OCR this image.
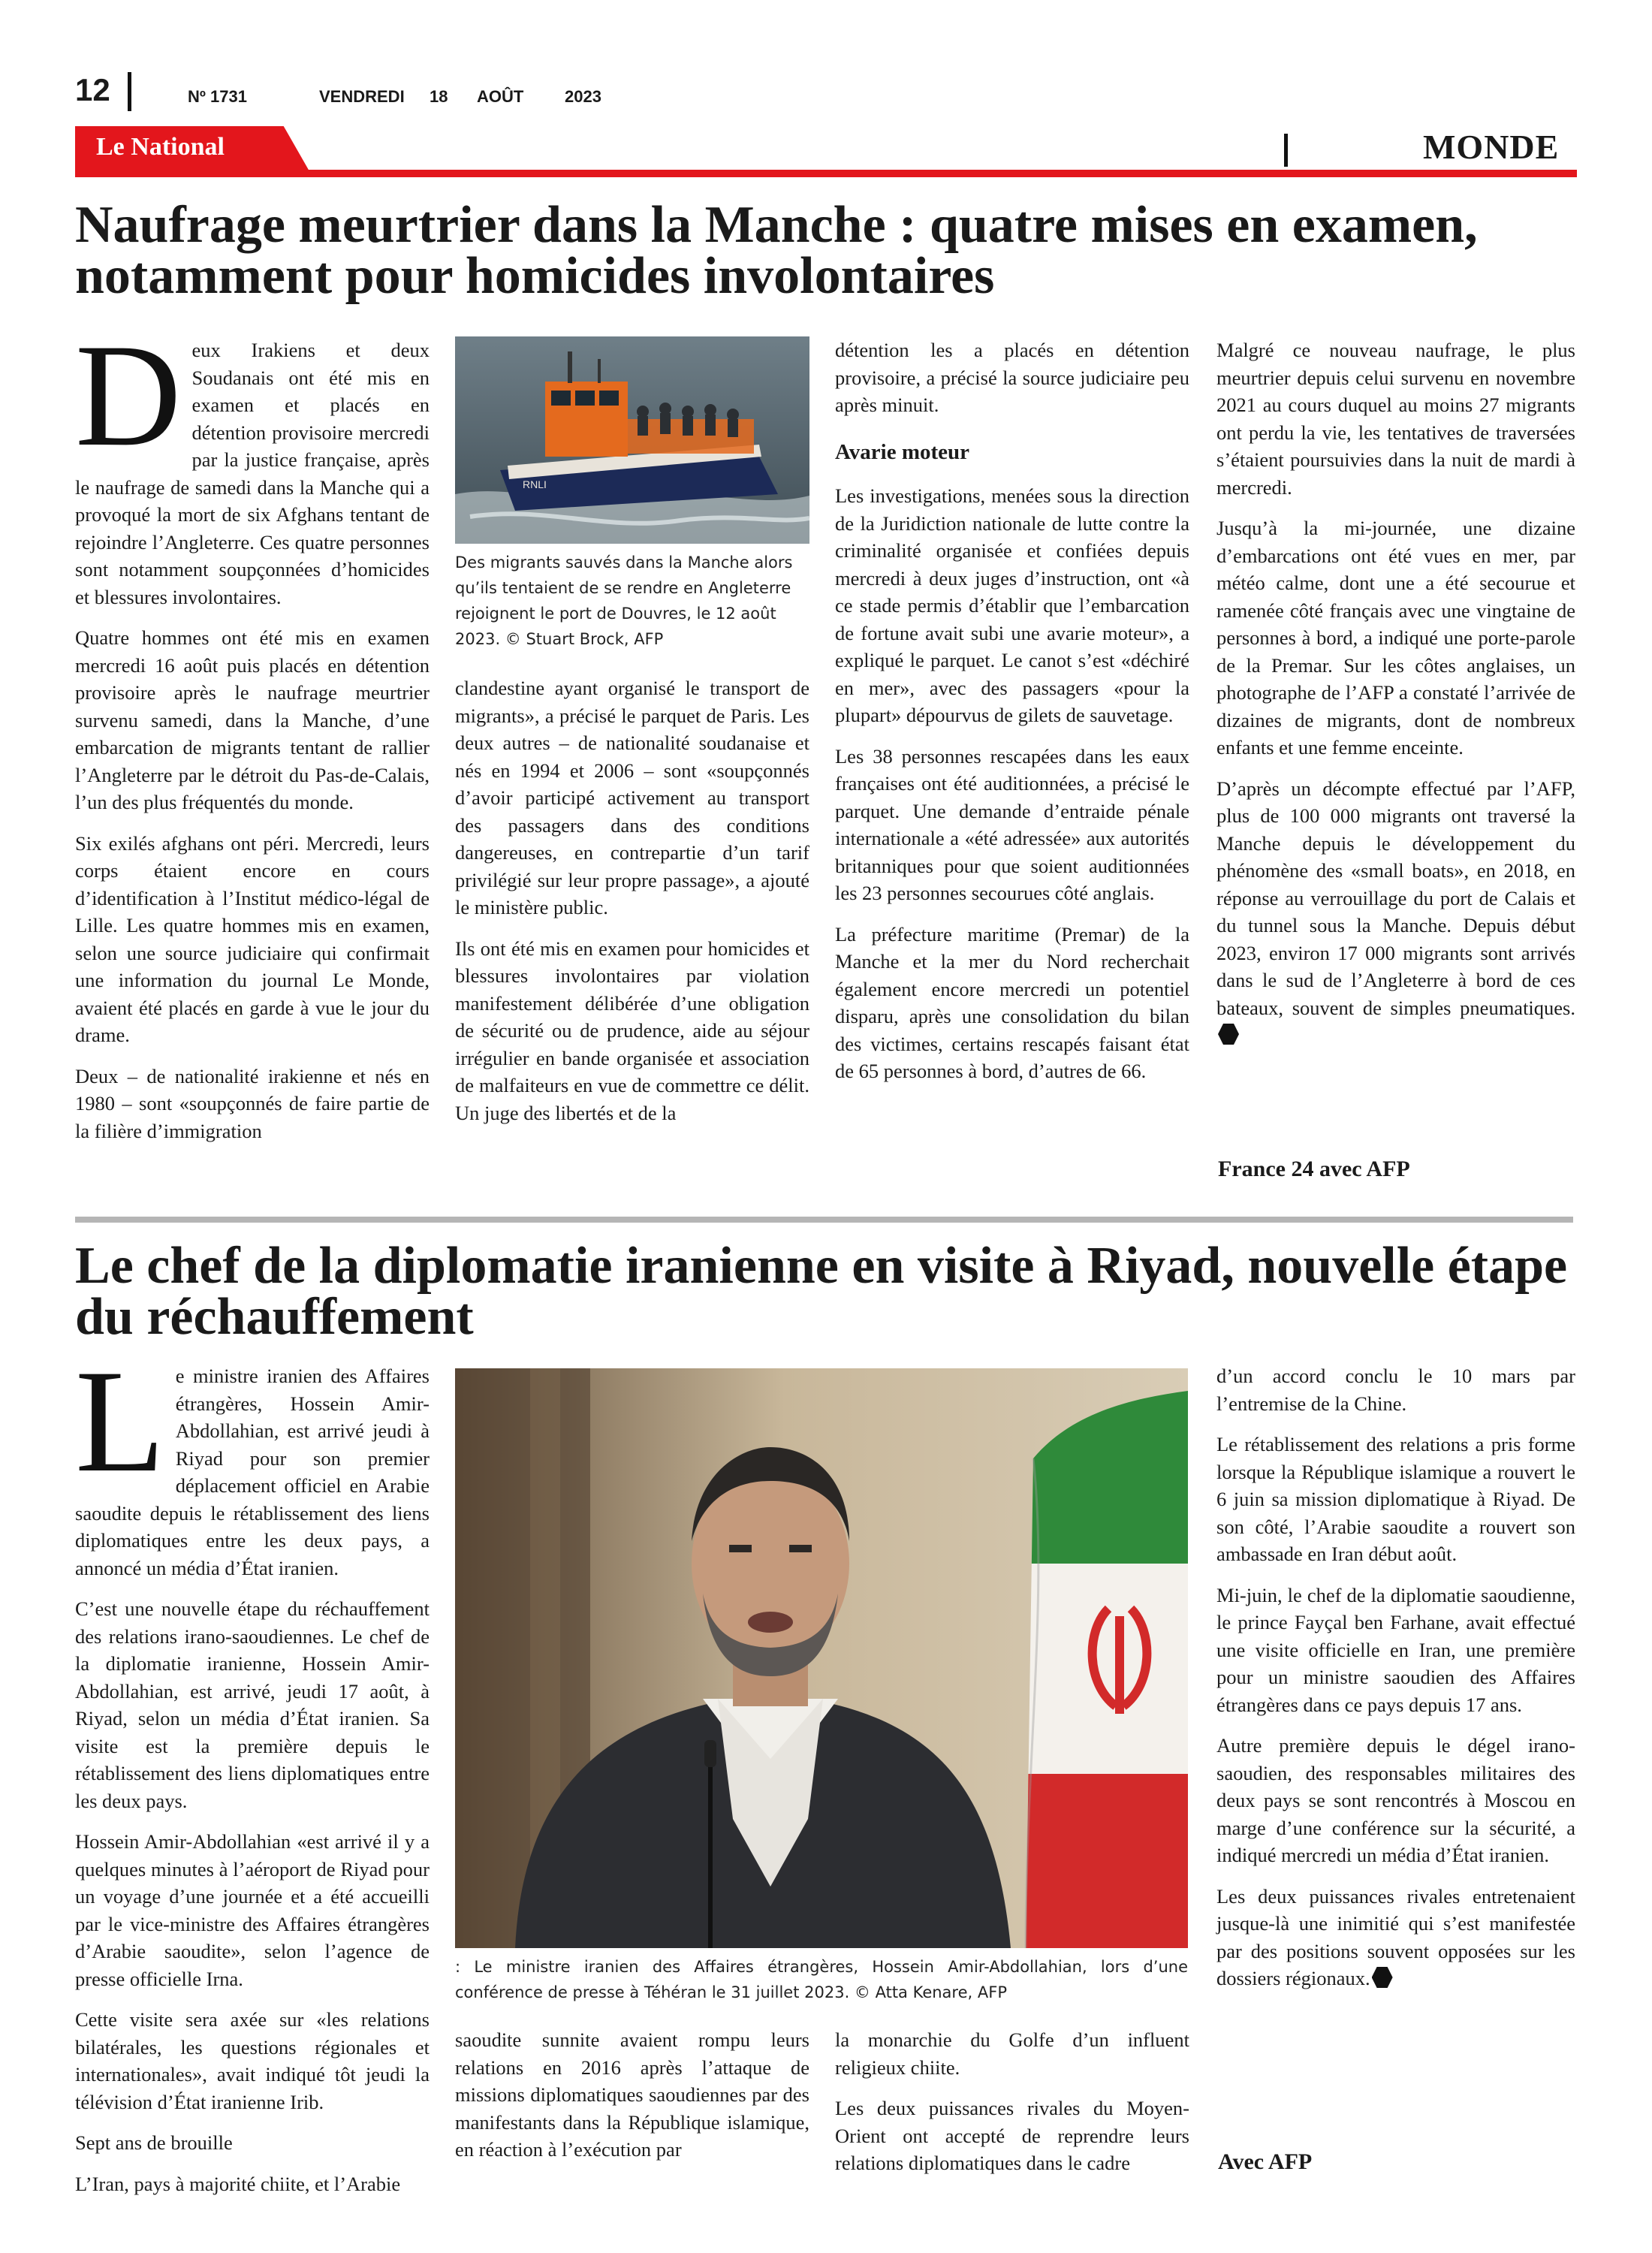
12	Nº 1731	VENDREDI 18 AOÛT 2023
Le National	MONDE
Naufrage meurtrier dans la Manche : quatre mises en examen, notamment pour homicides involontaires

Deux Irakiens et deux Soudanais ont été mis en examen et placés en détention provisoire mercredi par la justice française, après le naufrage de samedi dans la Manche qui a provoqué la mort de six Afghans tentant de rejoindre l’Angleterre. Ces quatre personnes sont notamment soupçonnées d’homicides et blessures involontaires.

Quatre hommes ont été mis en examen mercredi 16 août puis placés en détention provisoire après le naufrage meurtrier survenu samedi, dans la Manche, d’une embarcation de migrants tentant de rallier l’Angleterre par le détroit du Pas-de-Calais, l’un des plus fréquentés du monde.

Six exilés afghans ont péri. Mercredi, leurs corps étaient encore en cours d’identification à l’Institut médico-légal de Lille. Les quatre hommes mis en examen, selon une source judiciaire qui confirmait une information du journal Le Monde, avaient été placés en garde à vue le jour du drame.

Deux – de nationalité irakienne et nés en 1980 – sont «soupçonnés de faire partie de la filière d’immigration

RNLI
Des migrants sauvés dans la Manche alors qu’ils tentaient de se rendre en Angleterre rejoignent le port de Douvres, le 12 août 2023. © Stuart Brock, AFP

clandestine ayant organisé le transport de migrants», a précisé le parquet de Paris. Les deux autres – de nationalité soudanaise et nés en 1994 et 2006 – sont «soupçonnés d’avoir participé activement au transport des passagers dans des conditions dangereuses, en contrepartie d’un tarif privilégié sur leur propre passage», a ajouté le ministère public.

Ils ont été mis en examen pour homicides et blessures involontaires par violation manifestement délibérée d’une obligation de sécurité ou de prudence, aide au séjour irrégulier en bande organisée et association de malfaiteurs en vue de commettre ce délit. Un juge des libertés et de la

détention les a placés en détention provisoire, a précisé la source judiciaire peu après minuit.

Avarie moteur

Les investigations, menées sous la direction de la Juridiction nationale de lutte contre la criminalité organisée et confiées depuis mercredi à deux juges d’instruction, ont «à ce stade permis d’établir que l’embarcation de fortune avait subi une avarie moteur», a expliqué le parquet. Le canot s’est «déchiré en mer», avec des passagers «pour la plupart» dépourvus de gilets de sauvetage.

Les 38 personnes rescapées dans les eaux françaises ont été auditionnées, a précisé le parquet. Une demande d’entraide pénale internationale a «été adressée» aux autorités britanniques pour que soient auditionnées les 23 personnes secourues côté anglais.

La préfecture maritime (Premar) de la Manche et la mer du Nord recherchait également encore mercredi un potentiel disparu, après une consolidation du bilan des victimes, certains rescapés faisant état de 65 personnes à bord, d’autres de 66.

Malgré ce nouveau naufrage, le plus meurtrier depuis celui survenu en novembre 2021 au cours duquel au moins 27 migrants ont perdu la vie, les tentatives de traversées s’étaient poursuivies dans la nuit de mardi à mercredi.

Jusqu’à la mi-journée, une dizaine d’embarcations ont été vues en mer, par météo calme, dont une a été secourue et ramenée côté français avec une vingtaine de personnes à bord, a indiqué une porte-parole de la Premar. Sur les côtes anglaises, un photographe de l’AFP a constaté l’arrivée de dizaines de migrants, dont de nombreux enfants et une femme enceinte.

D’après un décompte effectué par l’AFP, plus de 100 000 migrants ont traversé la Manche depuis le développement du phénomène des «small boats», en 2018, en réponse au verrouillage du port de Calais et du tunnel sous la Manche. Depuis début 2023, environ 17 000 migrants sont arrivés dans le sud de l’Angleterre à bord de ces bateaux, souvent de simples pneumatiques.

France 24 avec AFP
Le chef de la diplomatie iranienne en visite à Riyad, nouvelle étape du réchauffement

Le ministre iranien des Affaires étrangères, Hossein Amir-Abdollahian, est arrivé jeudi à Riyad pour son premier déplacement officiel en Arabie saoudite depuis le rétablissement des liens diplomatiques entre les deux pays, a annoncé un média d’État iranien.

C’est une nouvelle étape du réchauffement des relations irano-saoudiennes. Le chef de la diplomatie iranienne, Hossein Amir-Abdollahian, est arrivé, jeudi 17 août, à Riyad, selon un média d’État iranien. Sa visite est la première depuis le rétablissement des liens diplomatiques entre les deux pays.

Hossein Amir-Abdollahian «est arrivé il y a quelques minutes à l’aéroport de Riyad pour un voyage d’une journée et a été accueilli par le vice-ministre des Affaires étrangères d’Arabie saoudite», selon l’agence de presse officielle Irna.

Cette visite sera axée sur «les relations bilatérales, les questions régionales et internationales», avait indiqué tôt jeudi la télévision d’État iranienne Irib.

Sept ans de brouille

L’Iran, pays à majorité chiite, et l’Arabie

: Le ministre iranien des Affaires étrangères, Hossein Amir-Abdollahian, lors d’une conférence de presse à Téhéran le 31 juillet 2023. © Atta Kenare, AFP

saoudite sunnite avaient rompu leurs relations en 2016 après l’attaque de missions diplomatiques saoudiennes par des manifestants dans la République islamique, en réaction à l’exécution par

la monarchie du Golfe d’un influent religieux chiite.

Les deux puissances rivales du Moyen-Orient ont accepté de reprendre leurs relations diplomatiques dans le cadre

d’un accord conclu le 10 mars par l’entremise de la Chine.

Le rétablissement des relations a pris forme lorsque la République islamique a rouvert le 6 juin sa mission diplomatique à Riyad. De son côté, l’Arabie saoudite a rouvert son ambassade en Iran début août.

Mi-juin, le chef de la diplomatie saoudienne, le prince Fayçal ben Farhane, avait effectué une visite officielle en Iran, une première pour un ministre saoudien des Affaires étrangères dans ce pays depuis 17 ans.

Autre première depuis le dégel irano-saoudien, des responsables militaires des deux pays se sont rencontrés à Moscou en marge d’une conférence sur la sécurité, a indiqué mercredi un média d’État iranien.

Les deux puissances rivales entretenaient jusque-là une inimitié qui s’est manifestée par des positions souvent opposées sur les dossiers régionaux.

Avec AFP
